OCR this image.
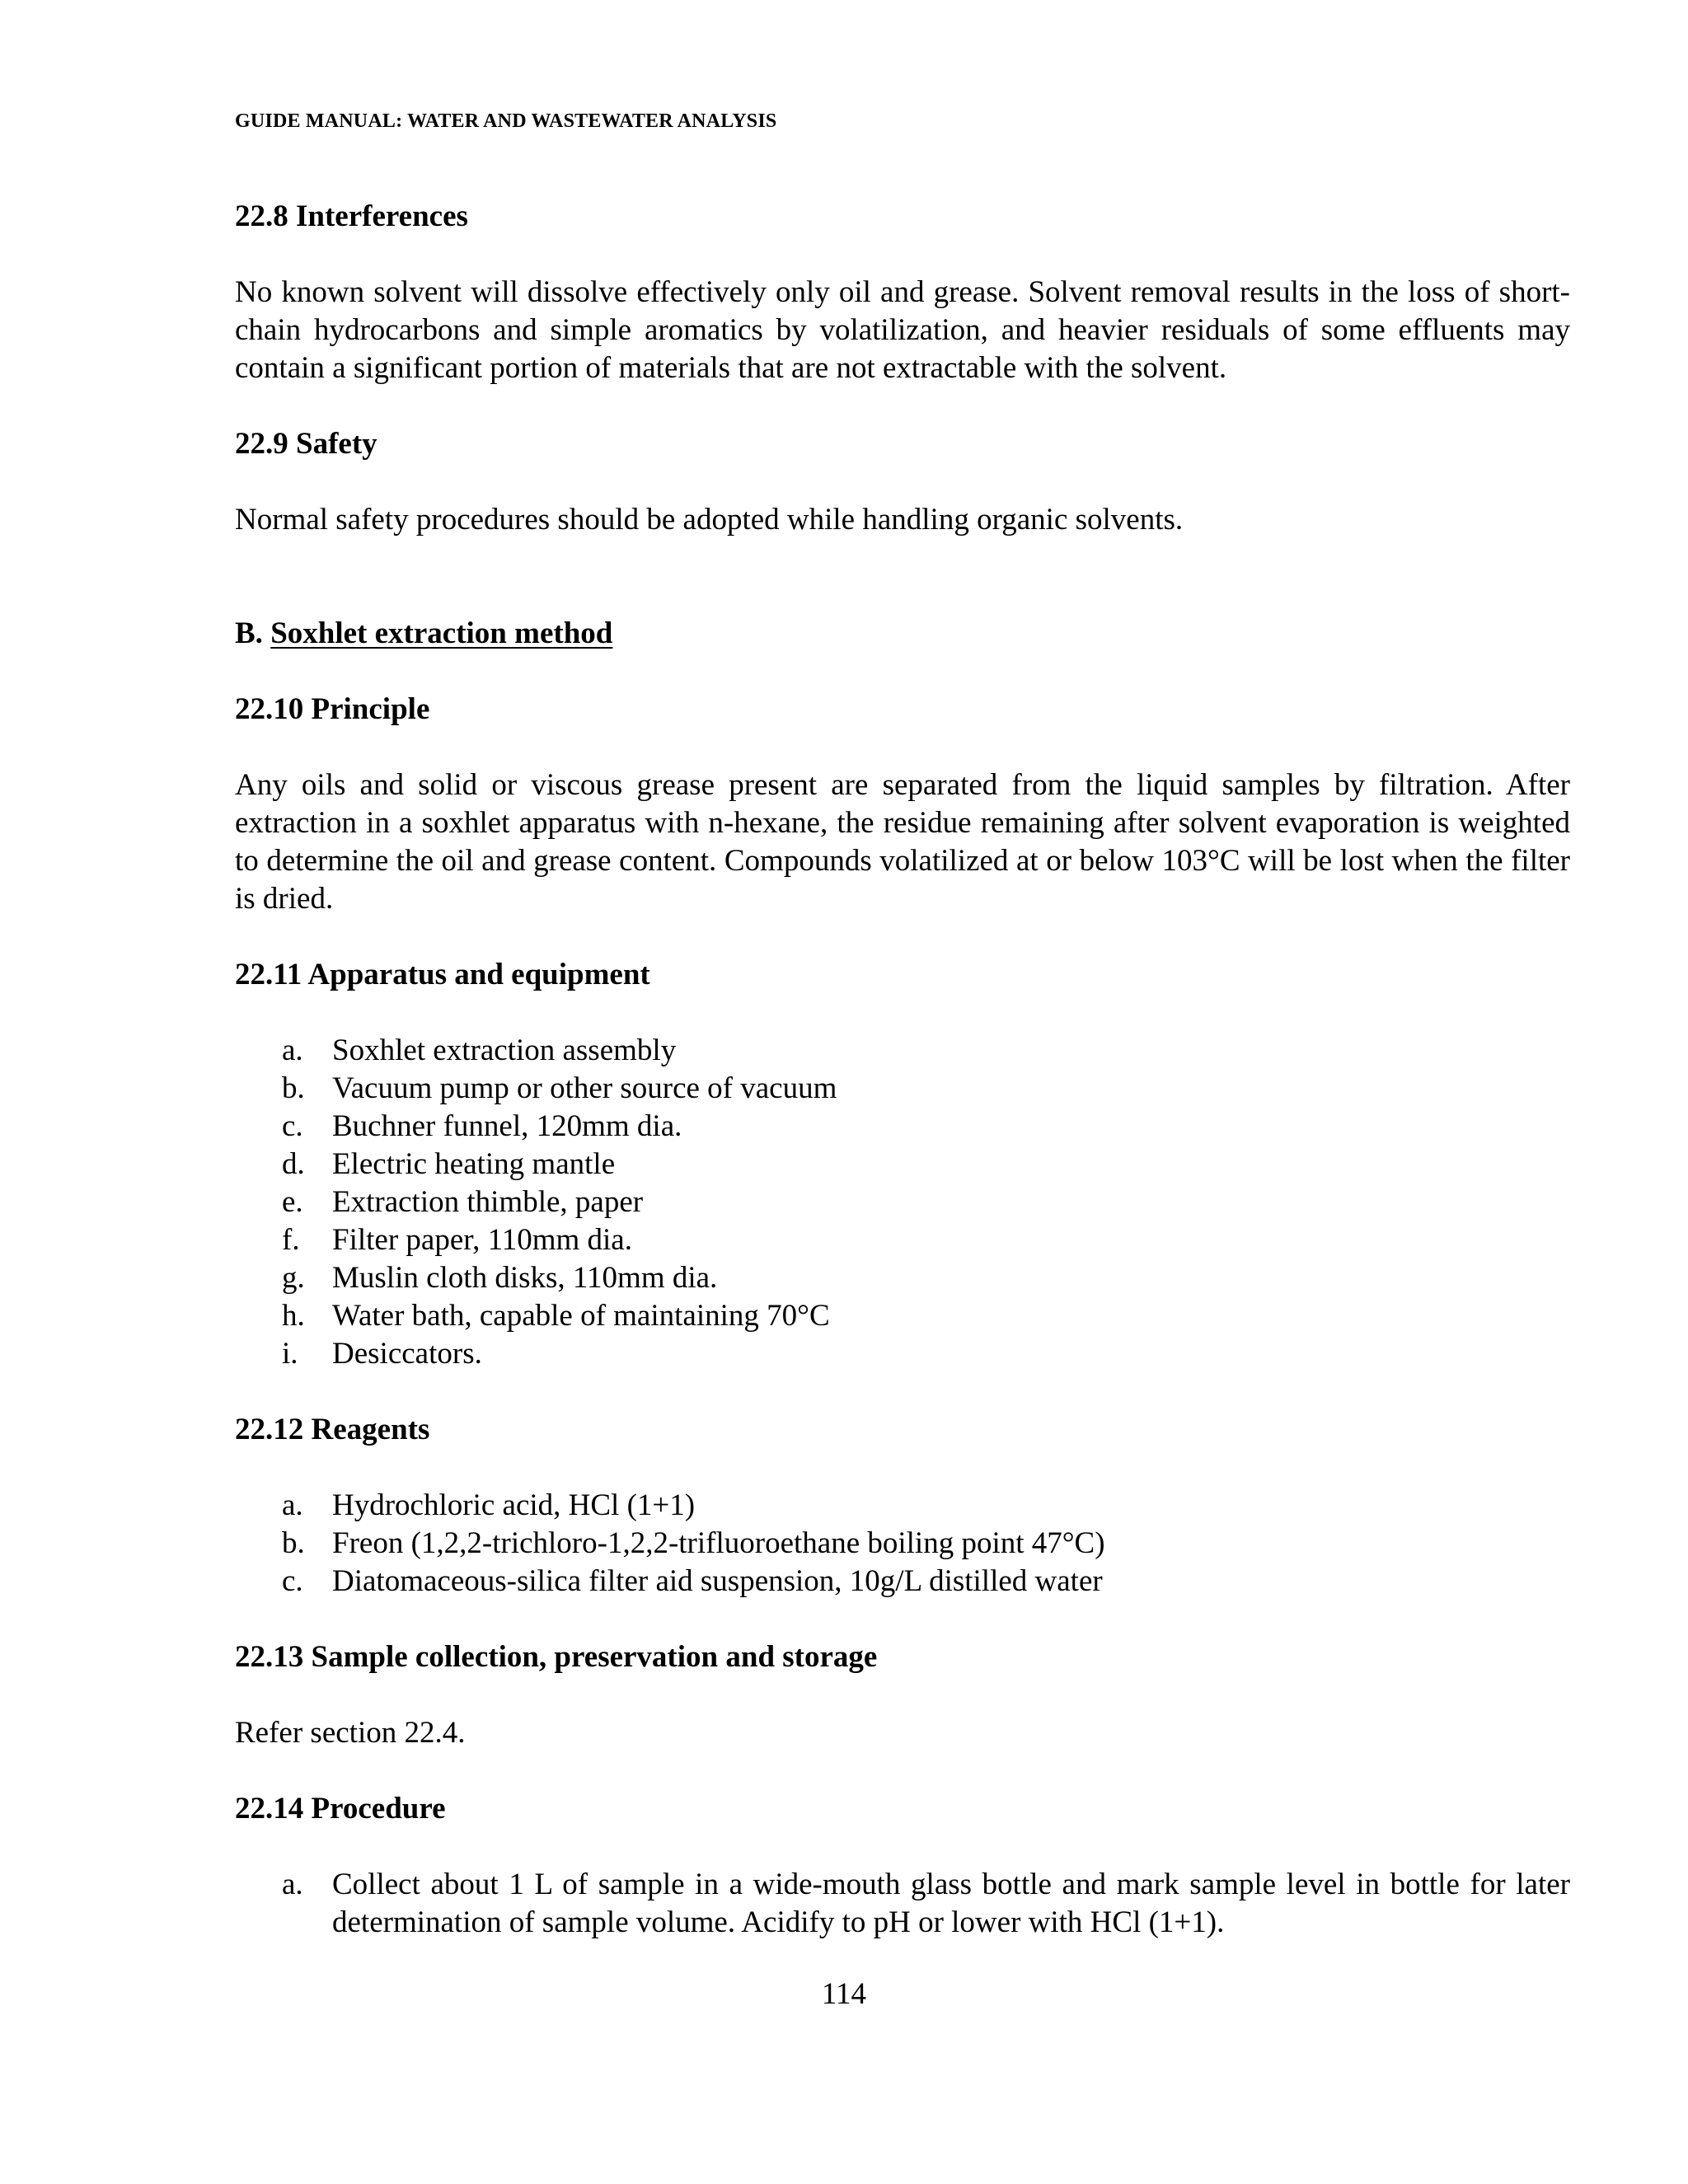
GUIDE MANUAL: WATER AND WASTEWATER ANALYSIS
22.8 Interferences
No known solvent will dissolve effectively only oil and grease. Solvent removal results in the loss of short-chain hydrocarbons and simple aromatics by volatilization, and heavier residuals of some effluents may contain a significant portion of materials that are not extractable with the solvent.
22.9 Safety
Normal safety procedures should be adopted while handling organic solvents.
B. Soxhlet extraction method
22.10 Principle
Any oils and solid or viscous grease present are separated from the liquid samples by filtration. After extraction in a soxhlet apparatus with n-hexane, the residue remaining after solvent evaporation is weighted to determine the oil and grease content. Compounds volatilized at or below 103°C will be lost when the filter is dried.
22.11 Apparatus and equipment
a. Soxhlet extraction assembly
b. Vacuum pump or other source of vacuum
c. Buchner funnel, 120mm dia.
d. Electric heating mantle
e. Extraction thimble, paper
f. Filter paper, 110mm dia.
g. Muslin cloth disks, 110mm dia.
h. Water bath, capable of maintaining 70°C
i. Desiccators.
22.12 Reagents
a. Hydrochloric acid, HCl (1+1)
b. Freon (1,2,2-trichloro-1,2,2-trifluoroethane boiling point 47°C)
c. Diatomaceous-silica filter aid suspension, 10g/L distilled water
22.13 Sample collection, preservation and storage
Refer section 22.4.
22.14 Procedure
a. Collect about 1 L of sample in a wide-mouth glass bottle and mark sample level in bottle for later determination of sample volume. Acidify to pH or lower with HCl (1+1).
114
